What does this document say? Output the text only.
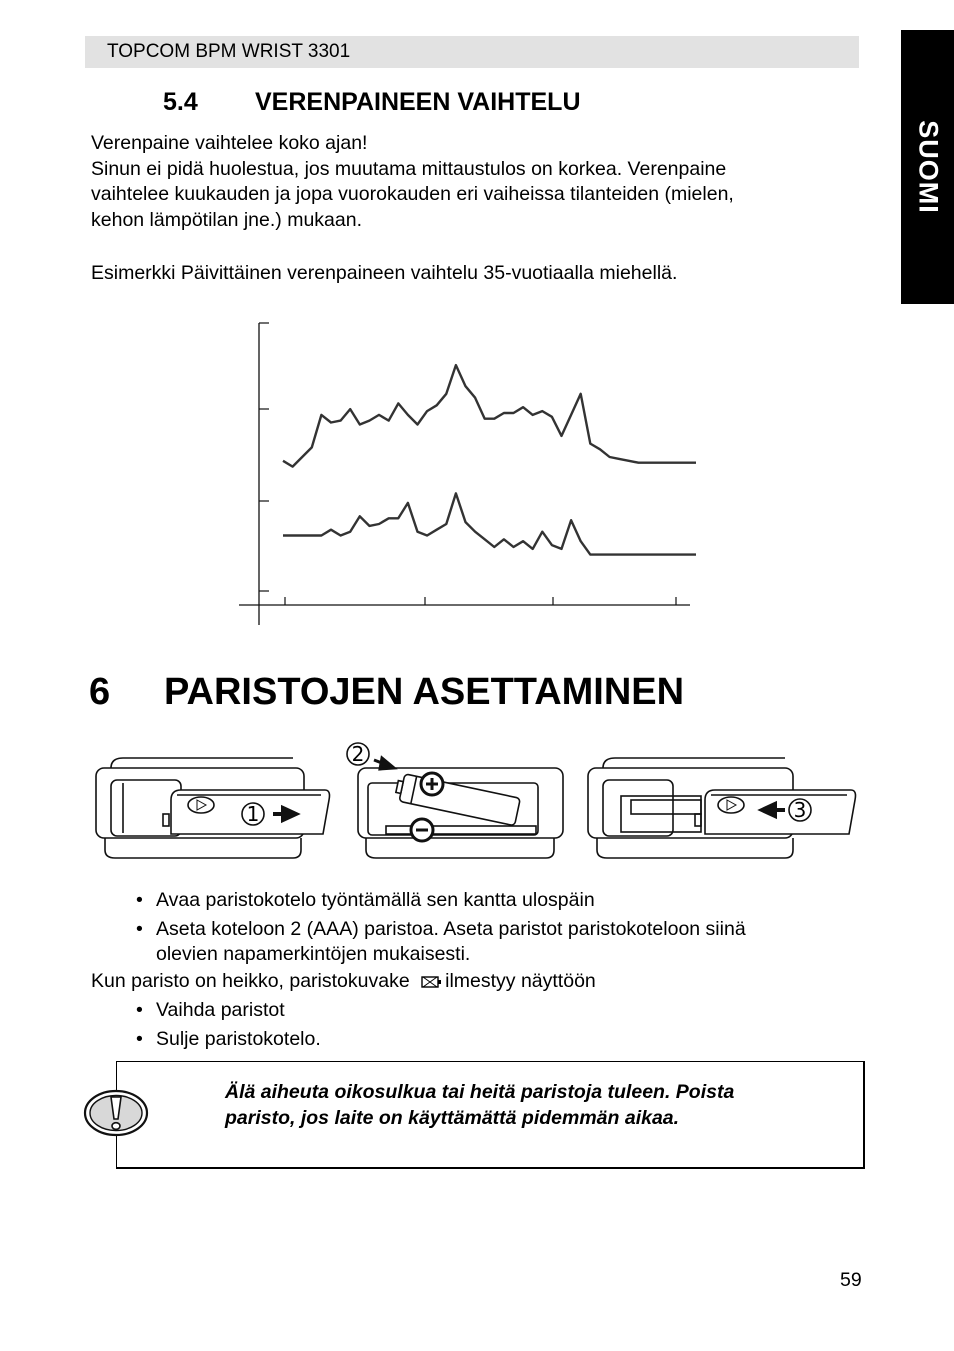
TOPCOM BPM WRIST 3301
SUOMI
5.4 VERENPAINEEN VAIHTELU
Verenpaine vaihtelee koko ajan!
Sinun ei pidä huolestua, jos muutama mittaustulos on korkea. Verenpaine
vaihtelee kuukauden ja jopa vuorokauden eri vaiheissa tilanteiden (mielen,
kehon lämpötilan jne.) mukaan.
Esimerkki Päivittäinen verenpaineen vaihtelu 35-vuotiaalla miehellä.
6 PARISTOJEN ASETTAMINEN
1
2
3
• Avaa paristokotelo työntämällä sen kantta ulospäin
• Aseta koteloon 2 (AAA) paristoa. Aseta paristot paristokoteloon siinä
olevien napamerkintöjen mukaisesti.
Kun paristo on heikko, paristokuvake ilmestyy näyttöön
• Vaihda paristot
• Sulje paristokotelo.
Älä aiheuta oikosulkua tai heitä paristoja tuleen. Poista
paristo, jos laite on käyttämättä pidemmän aikaa.
59
